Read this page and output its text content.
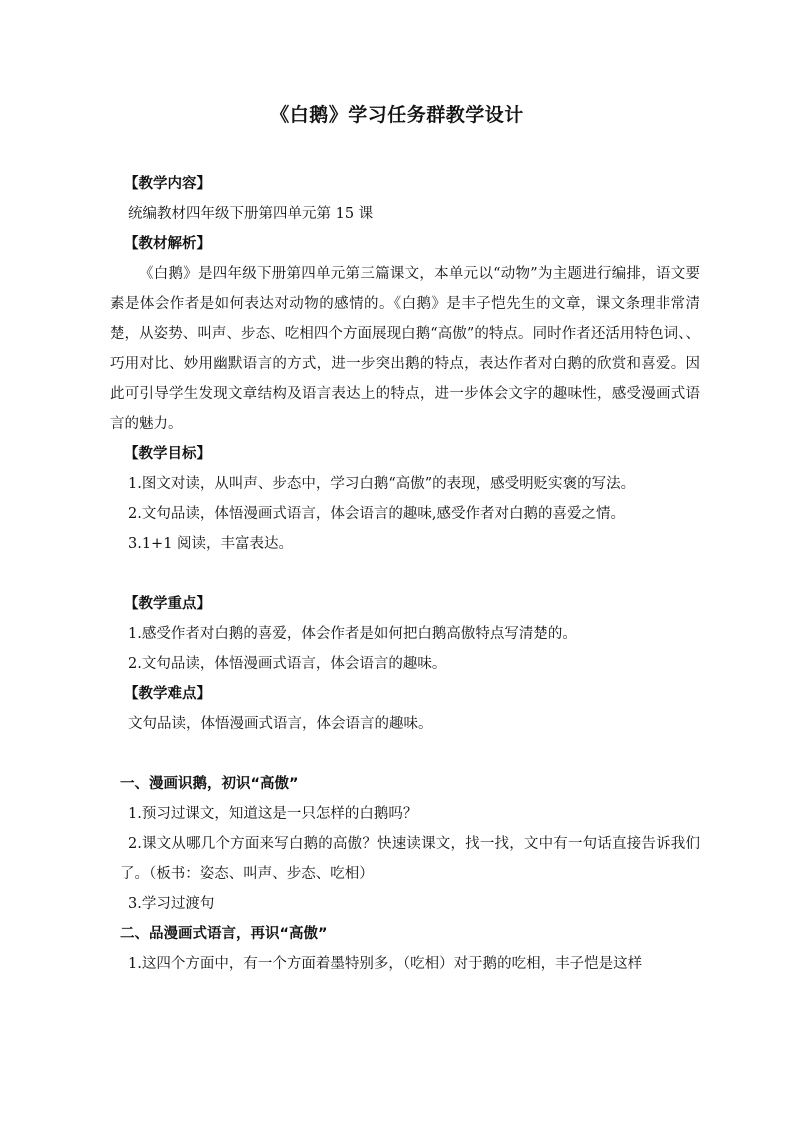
《白鹅》学习任务群教学设计

【教学内容】

统编教材四年级下册第四单元第 15 课

【教材解析】

《白鹅》是四年级下册第四单元第三篇课文，本单元以“动物”为主题进行编排，语文要素是体会作者是如何表达对动物的感情的。《白鹅》是丰子恺先生的文章，课文条理非常清楚，从姿势、叫声、步态、吃相四个方面展现白鹅“高傲”的特点。同时作者还活用特色词、、巧用对比、妙用幽默语言的方式，进一步突出鹅的特点，表达作者对白鹅的欣赏和喜爱。因此可引导学生发现文章结构及语言表达上的特点，进一步体会文字的趣味性，感受漫画式语言的魅力。

【教学目标】

1.图文对读，从叫声、步态中，学习白鹅“高傲”的表现，感受明贬实褒的写法。

2.文句品读，体悟漫画式语言，体会语言的趣味,感受作者对白鹅的喜爱之情。

3.1+1 阅读，丰富表达。

【教学重点】

1.感受作者对白鹅的喜爱，体会作者是如何把白鹅高傲特点写清楚的。

2.文句品读，体悟漫画式语言，体会语言的趣味。

【教学难点】

文句品读，体悟漫画式语言，体会语言的趣味。

一、漫画识鹅，初识“高傲”

1.预习过课文，知道这是一只怎样的白鹅吗？

2.课文从哪几个方面来写白鹅的高傲？快速读课文，找一找，文中有一句话直接告诉我们了。（板书：姿态、叫声、步态、吃相）

3.学习过渡句

二、品漫画式语言，再识“高傲”

1.这四个方面中，有一个方面着墨特别多，（吃相）对于鹅的吃相，丰子恺是这样
